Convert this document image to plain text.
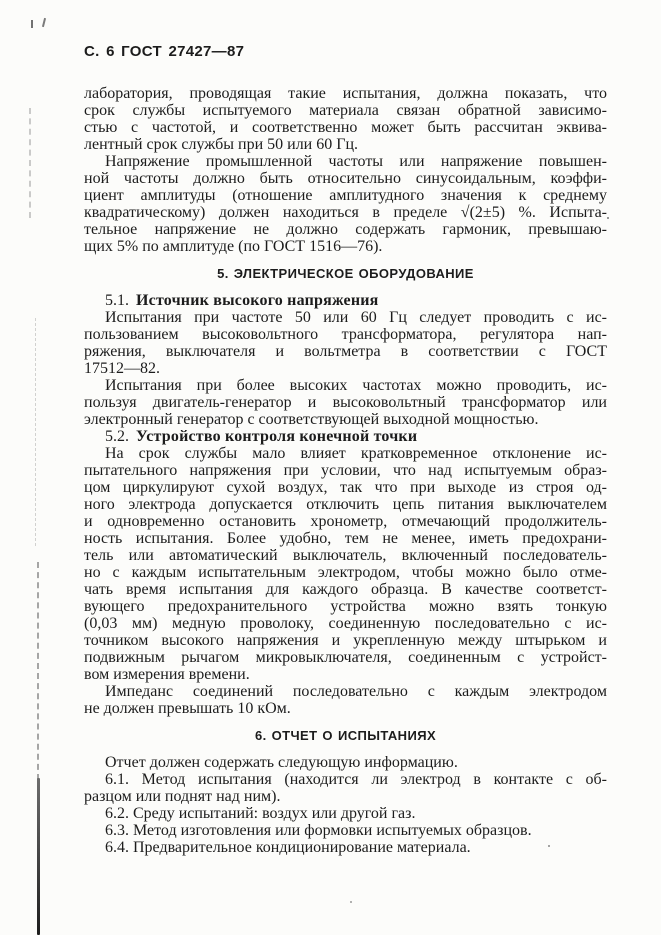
С. 6 ГОСТ 27427—87
лаборатория, проводящая такие испытания, должна показать, что
срок службы испытуемого материала связан обратной зависимо-
стью с частотой, и соответственно может быть рассчитан эквива-
лентный срок службы при 50 или 60 Гц.
Напряжение промышленной частоты или напряжение повышен-
ной частоты должно быть относительно синусоидальным, коэффи-
циент амплитуды (отношение амплитудного значения к среднему
квадратическому) должен находиться в пределе √(2±5) %. Испыта-
тельное напряжение не должно содержать гармоник, превышаю-
щих 5% по амплитуде (по ГОСТ 1516—76).
5. ЭЛЕКТРИЧЕСКОЕ ОБОРУДОВАНИЕ
5.1. Источник высокого напряжения
Испытания при частоте 50 или 60 Гц следует проводить с ис-
пользованием высоковольтного трансформатора, регулятора нап-
ряжения, выключателя и вольтметра в соответствии с ГОСТ
17512—82.
Испытания при более высоких частотах можно проводить, ис-
пользуя двигатель-генератор и высоковольтный трансформатор или
электронный генератор с соответствующей выходной мощностью.
5.2. Устройство контроля конечной точки
На срок службы мало влияет кратковременное отклонение ис-
пытательного напряжения при условии, что над испытуемым образ-
цом циркулируют сухой воздух, так что при выходе из строя од-
ного электрода допускается отключить цепь питания выключателем
и одновременно остановить хронометр, отмечающий продолжитель-
ность испытания. Более удобно, тем не менее, иметь предохрани-
тель или автоматический выключатель, включенный последователь-
но с каждым испытательным электродом, чтобы можно было отме-
чать время испытания для каждого образца. В качестве соответст-
вующего предохранительного устройства можно взять тонкую
(0,03 мм) медную проволоку, соединенную последовательно с ис-
точником высокого напряжения и укрепленную между штырьком и
подвижным рычагом микровыключателя, соединенным с устройст-
вом измерения времени.
Импеданс соединений последовательно с каждым электродом
не должен превышать 10 кОм.
6. ОТЧЕТ О ИСПЫТАНИЯХ
Отчет должен содержать следующую информацию.
6.1. Метод испытания (находится ли электрод в контакте с об-
разцом или поднят над ним).
6.2. Среду испытаний: воздух или другой газ.
6.3. Метод изготовления или формовки испытуемых образцов.
6.4. Предварительное кондиционирование материала.
